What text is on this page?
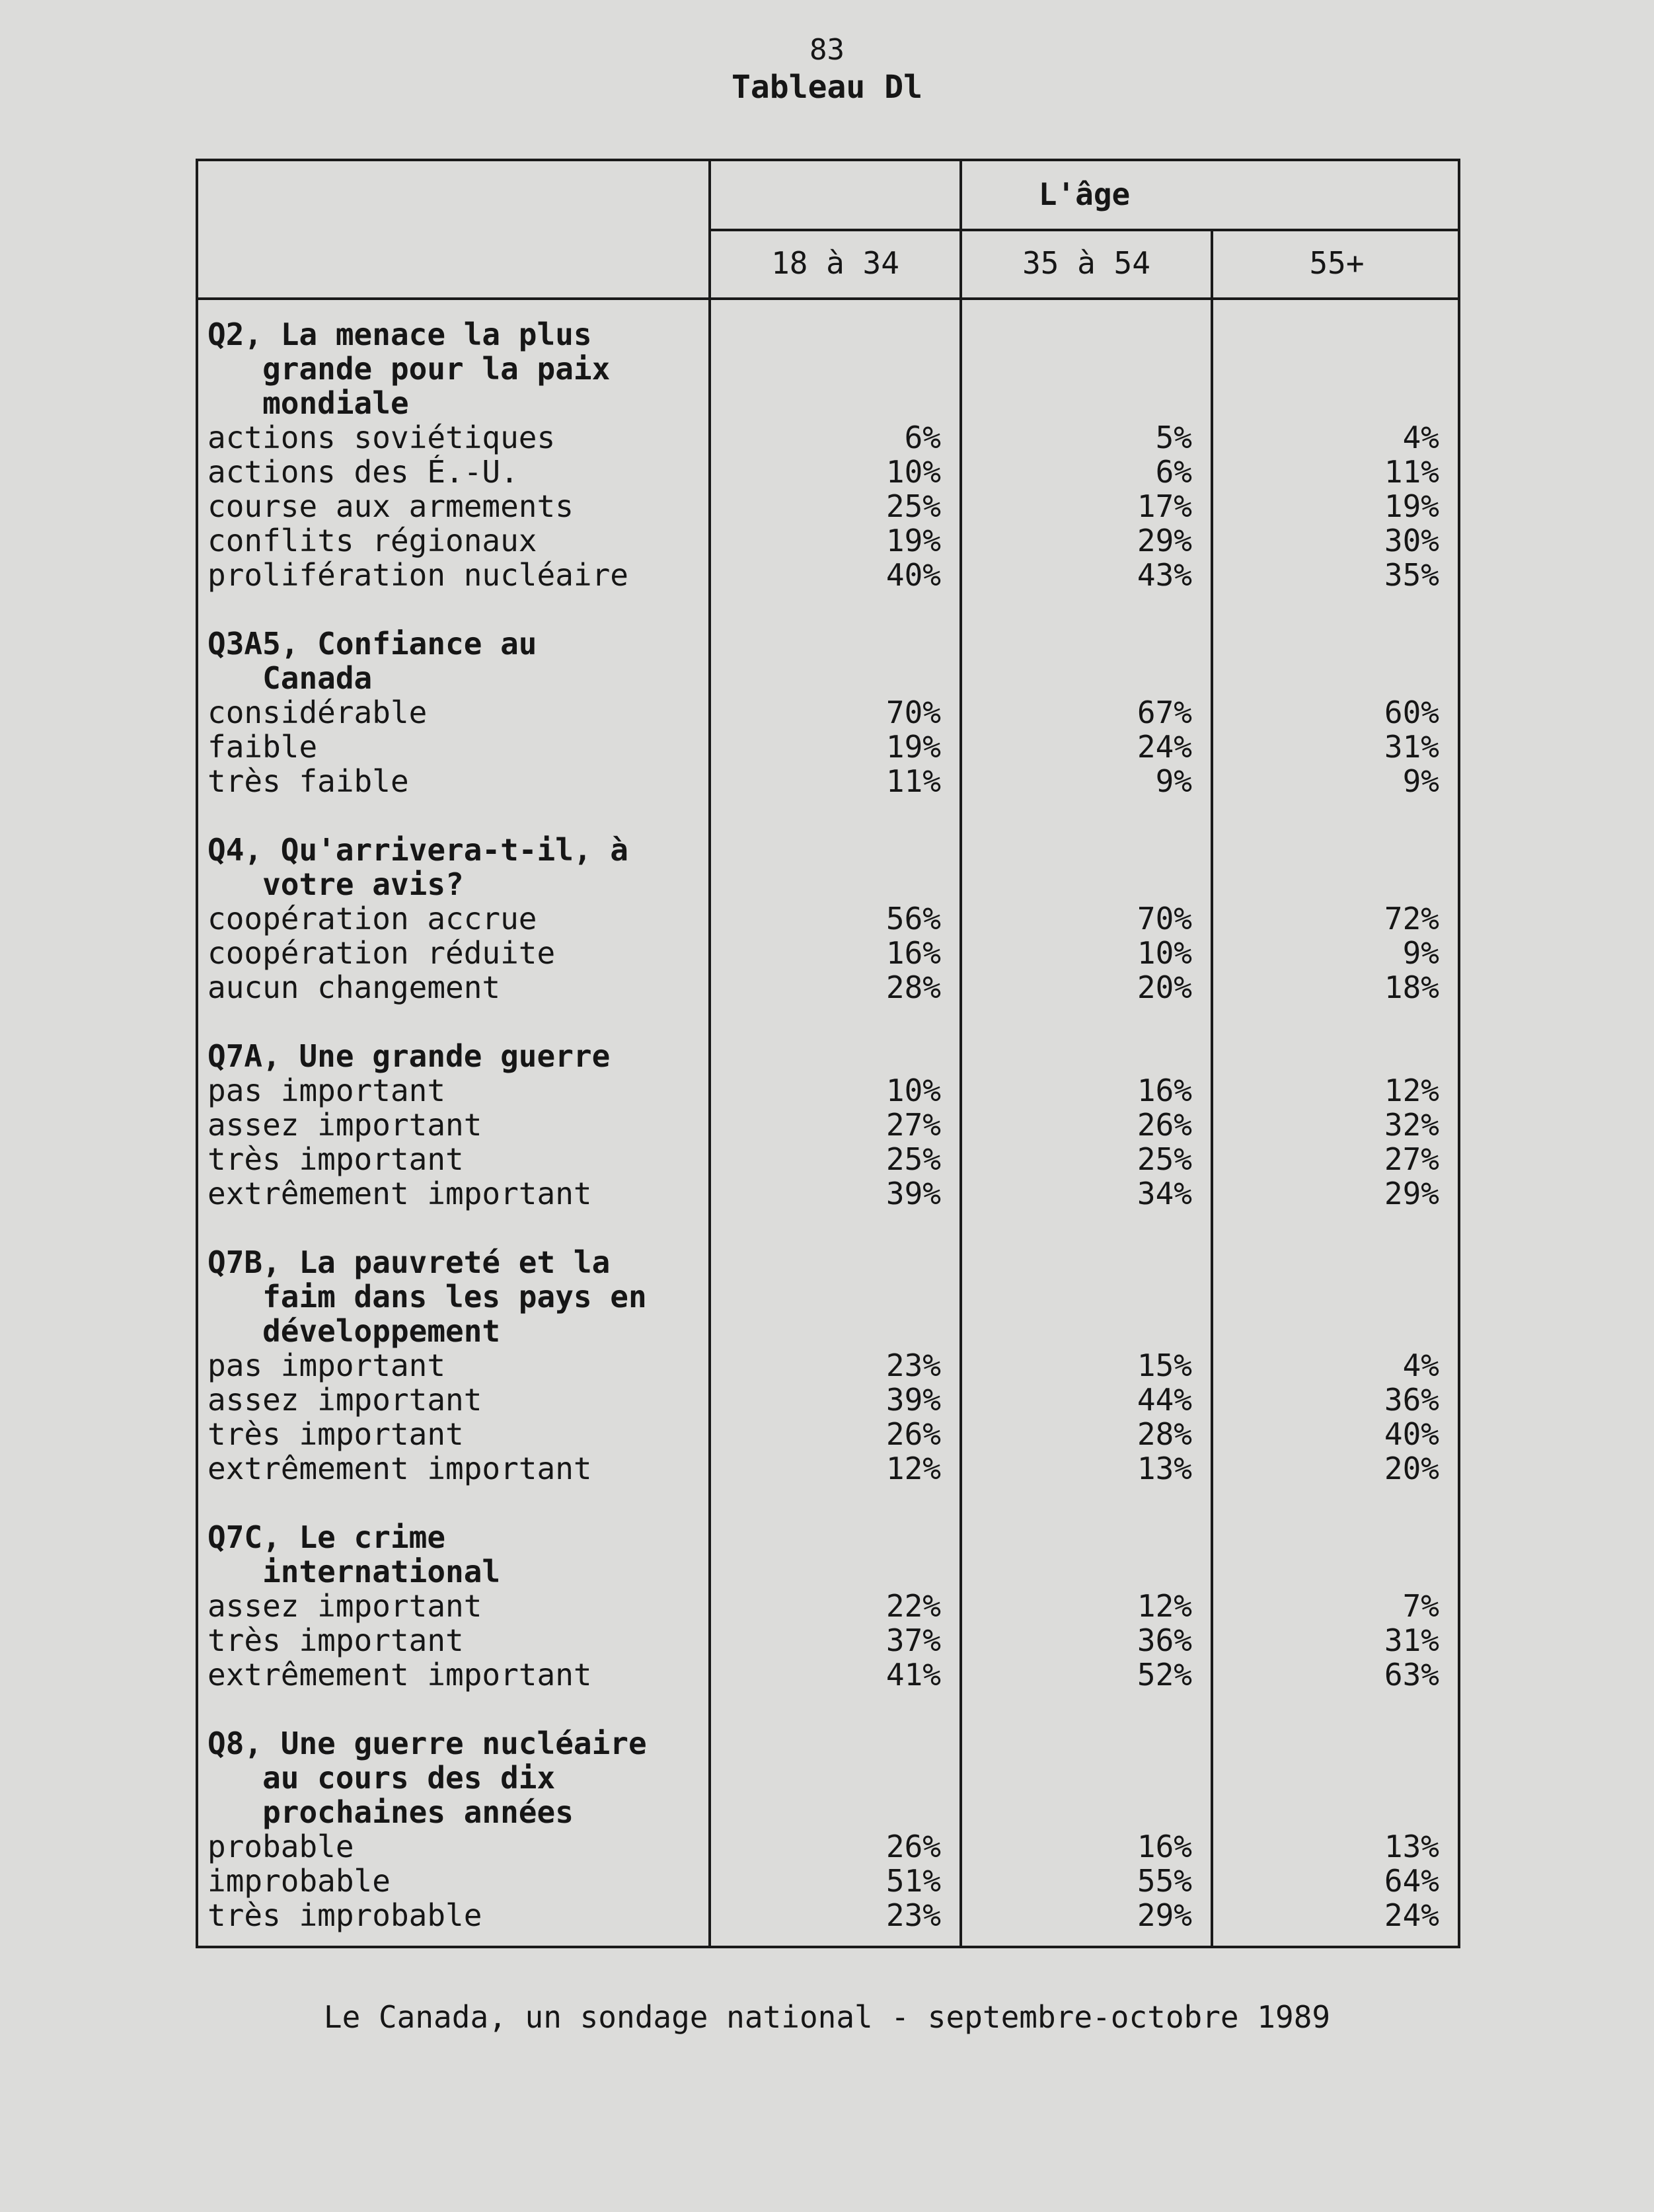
83
Tableau Dl
L'âge
18 à 34	35 à 54	55+
Q2, La menace la plus
grande pour la paix
mondiale
actions soviétiques	6%	5%	4%
actions des É.-U.	10%	6%	11%
course aux armements	25%	17%	19%
conflits régionaux	19%	29%	30%
prolifération nucléaire	40%	43%	35%
Q3A5, Confiance au
Canada
considérable	70%	67%	60%
faible	19%	24%	31%
très faible	11%	9%	9%
Q4, Qu'arrivera-t-il, à
votre avis?
coopération accrue	56%	70%	72%
coopération réduite	16%	10%	9%
aucun changement	28%	20%	18%
Q7A, Une grande guerre
pas important	10%	16%	12%
assez important	27%	26%	32%
très important	25%	25%	27%
extrêmement important	39%	34%	29%
Q7B, La pauvreté et la
faim dans les pays en
développement
pas important	23%	15%	4%
assez important	39%	44%	36%
très important	26%	28%	40%
extrêmement important	12%	13%	20%
Q7C, Le crime
international
assez important	22%	12%	7%
très important	37%	36%	31%
extrêmement important	41%	52%	63%
Q8, Une guerre nucléaire
au cours des dix
prochaines années
probable	26%	16%	13%
improbable	51%	55%	64%
très improbable	23%	29%	24%
Le Canada, un sondage national - septembre-octobre 1989
